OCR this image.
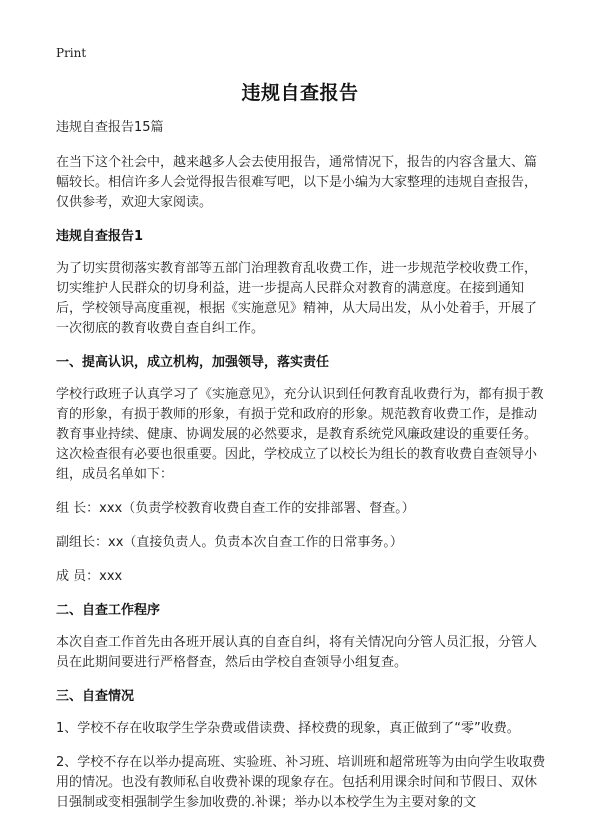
Print
违规自查报告

违规自查报告15篇

在当下这个社会中，越来越多人会去使用报告，通常情况下，报告的内容含量大、篇幅较长。相信许多人会觉得报告很难写吧，以下是小编为大家整理的违规自查报告，仅供参考，欢迎大家阅读。

违规自查报告1

为了切实贯彻落实教育部等五部门治理教育乱收费工作，进一步规范学校收费工作，切实维护人民群众的切身利益，进一步提高人民群众对教育的满意度。在接到通知后，学校领导高度重视，根据《实施意见》精神，从大局出发，从小处着手，开展了一次彻底的教育收费自查自纠工作。

一、提高认识，成立机构，加强领导，落实责任

学校行政班子认真学习了《实施意见》，充分认识到任何教育乱收费行为，都有损于教育的形象，有损于教师的形象，有损于党和政府的形象。规范教育收费工作，是推动教育事业持续、健康、协调发展的必然要求，是教育系统党风廉政建设的重要任务。这次检查很有必要也很重要。因此，学校成立了以校长为组长的教育收费自查领导小组，成员名单如下：

组 长：xxx（负责学校教育收费自查工作的安排部署、督查。）

副组长：xx（直接负责人。负责本次自查工作的日常事务。）

成 员：xxx

二、自查工作程序

本次自查工作首先由各班开展认真的自查自纠，将有关情况向分管人员汇报，分管人员在此期间要进行严格督查，然后由学校自查领导小组复查。

三、自查情况

1、学校不存在收取学生学杂费或借读费、择校费的现象，真正做到了“零”收费。

2、学校不存在以举办提高班、实验班、补习班、培训班和超常班等为由向学生收取费用的情况。也没有教师私自收费补课的现象存在。包括利用课余时间和节假日、双休日强制或变相强制学生参加收费的.补课；举办以本校学生为主要对象的文
